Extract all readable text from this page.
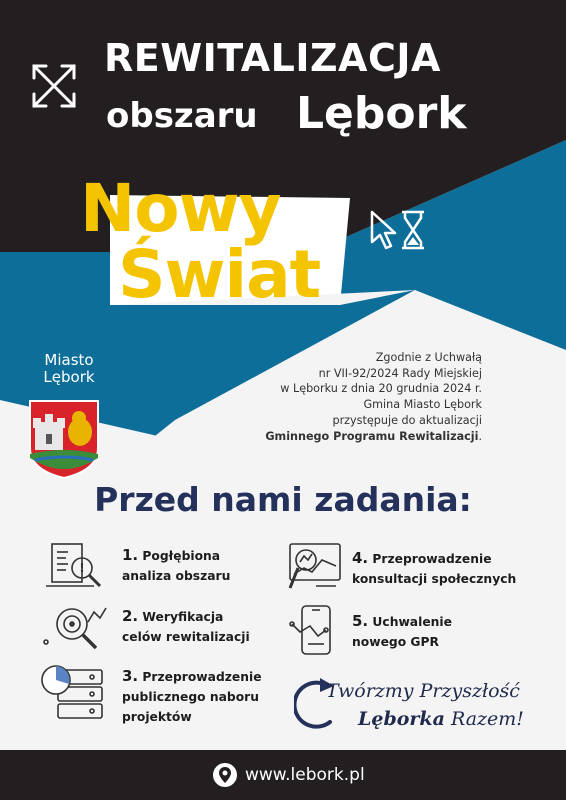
REWITALIZACJA
obszaru Lębork
Nowy
Świat
Miasto
Lębork
Zgodnie z Uchwałą
nr VII-92/2024 Rady Miejskiej
w Lęborku z dnia 20 grudnia 2024 r.
Gmina Miasto Lębork
przystępuje do aktualizacji
Gminnego Programu Rewitalizacji.
Przed nami zadania:
!
1. Pogłębiona
analiza obszaru
2. Weryfikacja
celów rewitalizacji
3. Przeprowadzenie
publicznego naboru
projektów
4. Przeprowadzenie
konsultacji społecznych
5. Uchwalenie
nowego GPR
Twórzmy Przyszłość
Lęborka Razem!
www.lebork.pl
